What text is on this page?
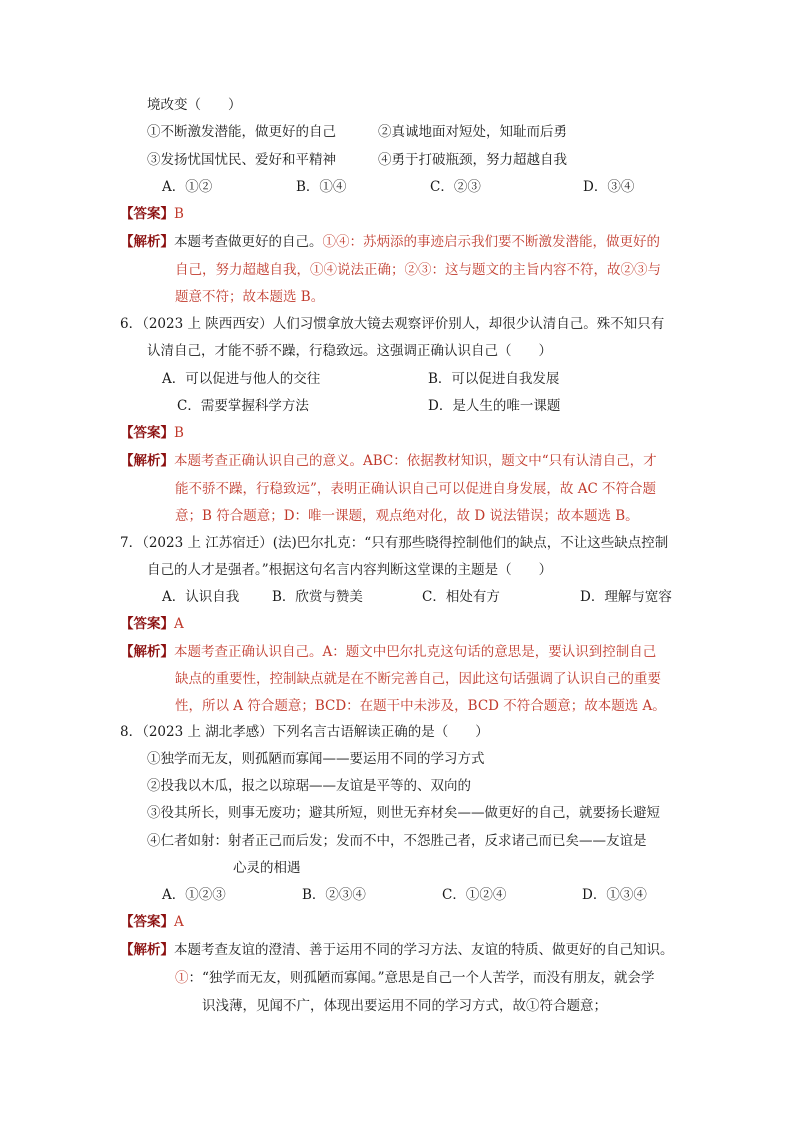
境改变（　　）
①不断激发潜能，做更好的自己	②真诚地面对短处，知耻而后勇
③发扬忧国忧民、爱好和平精神	④勇于打破瓶颈，努力超越自我
A．①②	B．①④	C．②③	D．③④
【答案】B
【解析】本题考查做更好的自己。①④：苏炳添的事迹启示我们要不断激发潜能，做更好的
自己，努力超越自我，①④说法正确；②③：这与题文的主旨内容不符，故②③与
题意不符；故本题选 B。
6．（2023 上 陕西西安）人们习惯拿放大镜去观察评价别人，却很少认清自己。殊不知只有
认清自己，才能不骄不躁，行稳致远。这强调正确认识自己（　　）
A．可以促进与他人的交往	B．可以促进自我发展
C．需要掌握科学方法	D．是人生的唯一课题
【答案】B
【解析】本题考查正确认识自己的意义。ABC：依据教材知识，题文中“只有认清自己，才
能不骄不躁，行稳致远”，表明正确认识自己可以促进自身发展，故 AC 不符合题
意；B 符合题意；D：唯一课题，观点绝对化，故 D 说法错误；故本题选 B。
7．（2023 上 江苏宿迁）(法)巴尔扎克：“只有那些晓得控制他们的缺点，不让这些缺点控制
自己的人才是强者。”根据这句名言内容判断这堂课的主题是（　　）
A．认识自我 B．欣赏与赞美	C．相处有方	D．理解与宽容
【答案】A
【解析】本题考查正确认识自己。A：题文中巴尔扎克这句话的意思是，要认识到控制自己
缺点的重要性，控制缺点就是在不断完善自己，因此这句话强调了认识自己的重要
性，所以 A 符合题意；BCD：在题干中未涉及，BCD 不符合题意；故本题选 A。
8．（2023 上 湖北孝感）下列名言古语解读正确的是（　　）
①独学而无友，则孤陋而寡闻——要运用不同的学习方式
②投我以木瓜，报之以琼琚——友谊是平等的、双向的
③役其所长，则事无废功；避其所短，则世无弃材矣——做更好的自己，就要扬长避短
④仁者如射：射者正己而后发；发而不中，不怨胜己者，反求诸己而已矣——友谊是
心灵的相遇
A．①②③	B．②③④	C．①②④	D．①③④
【答案】A
【解析】本题考查友谊的澄清、善于运用不同的学习方法、友谊的特质、做更好的自己知识。
①：“独学而无友，则孤陋而寡闻。”意思是自己一个人苦学，而没有朋友，就会学
识浅薄，见闻不广，体现出要运用不同的学习方式，故①符合题意；
